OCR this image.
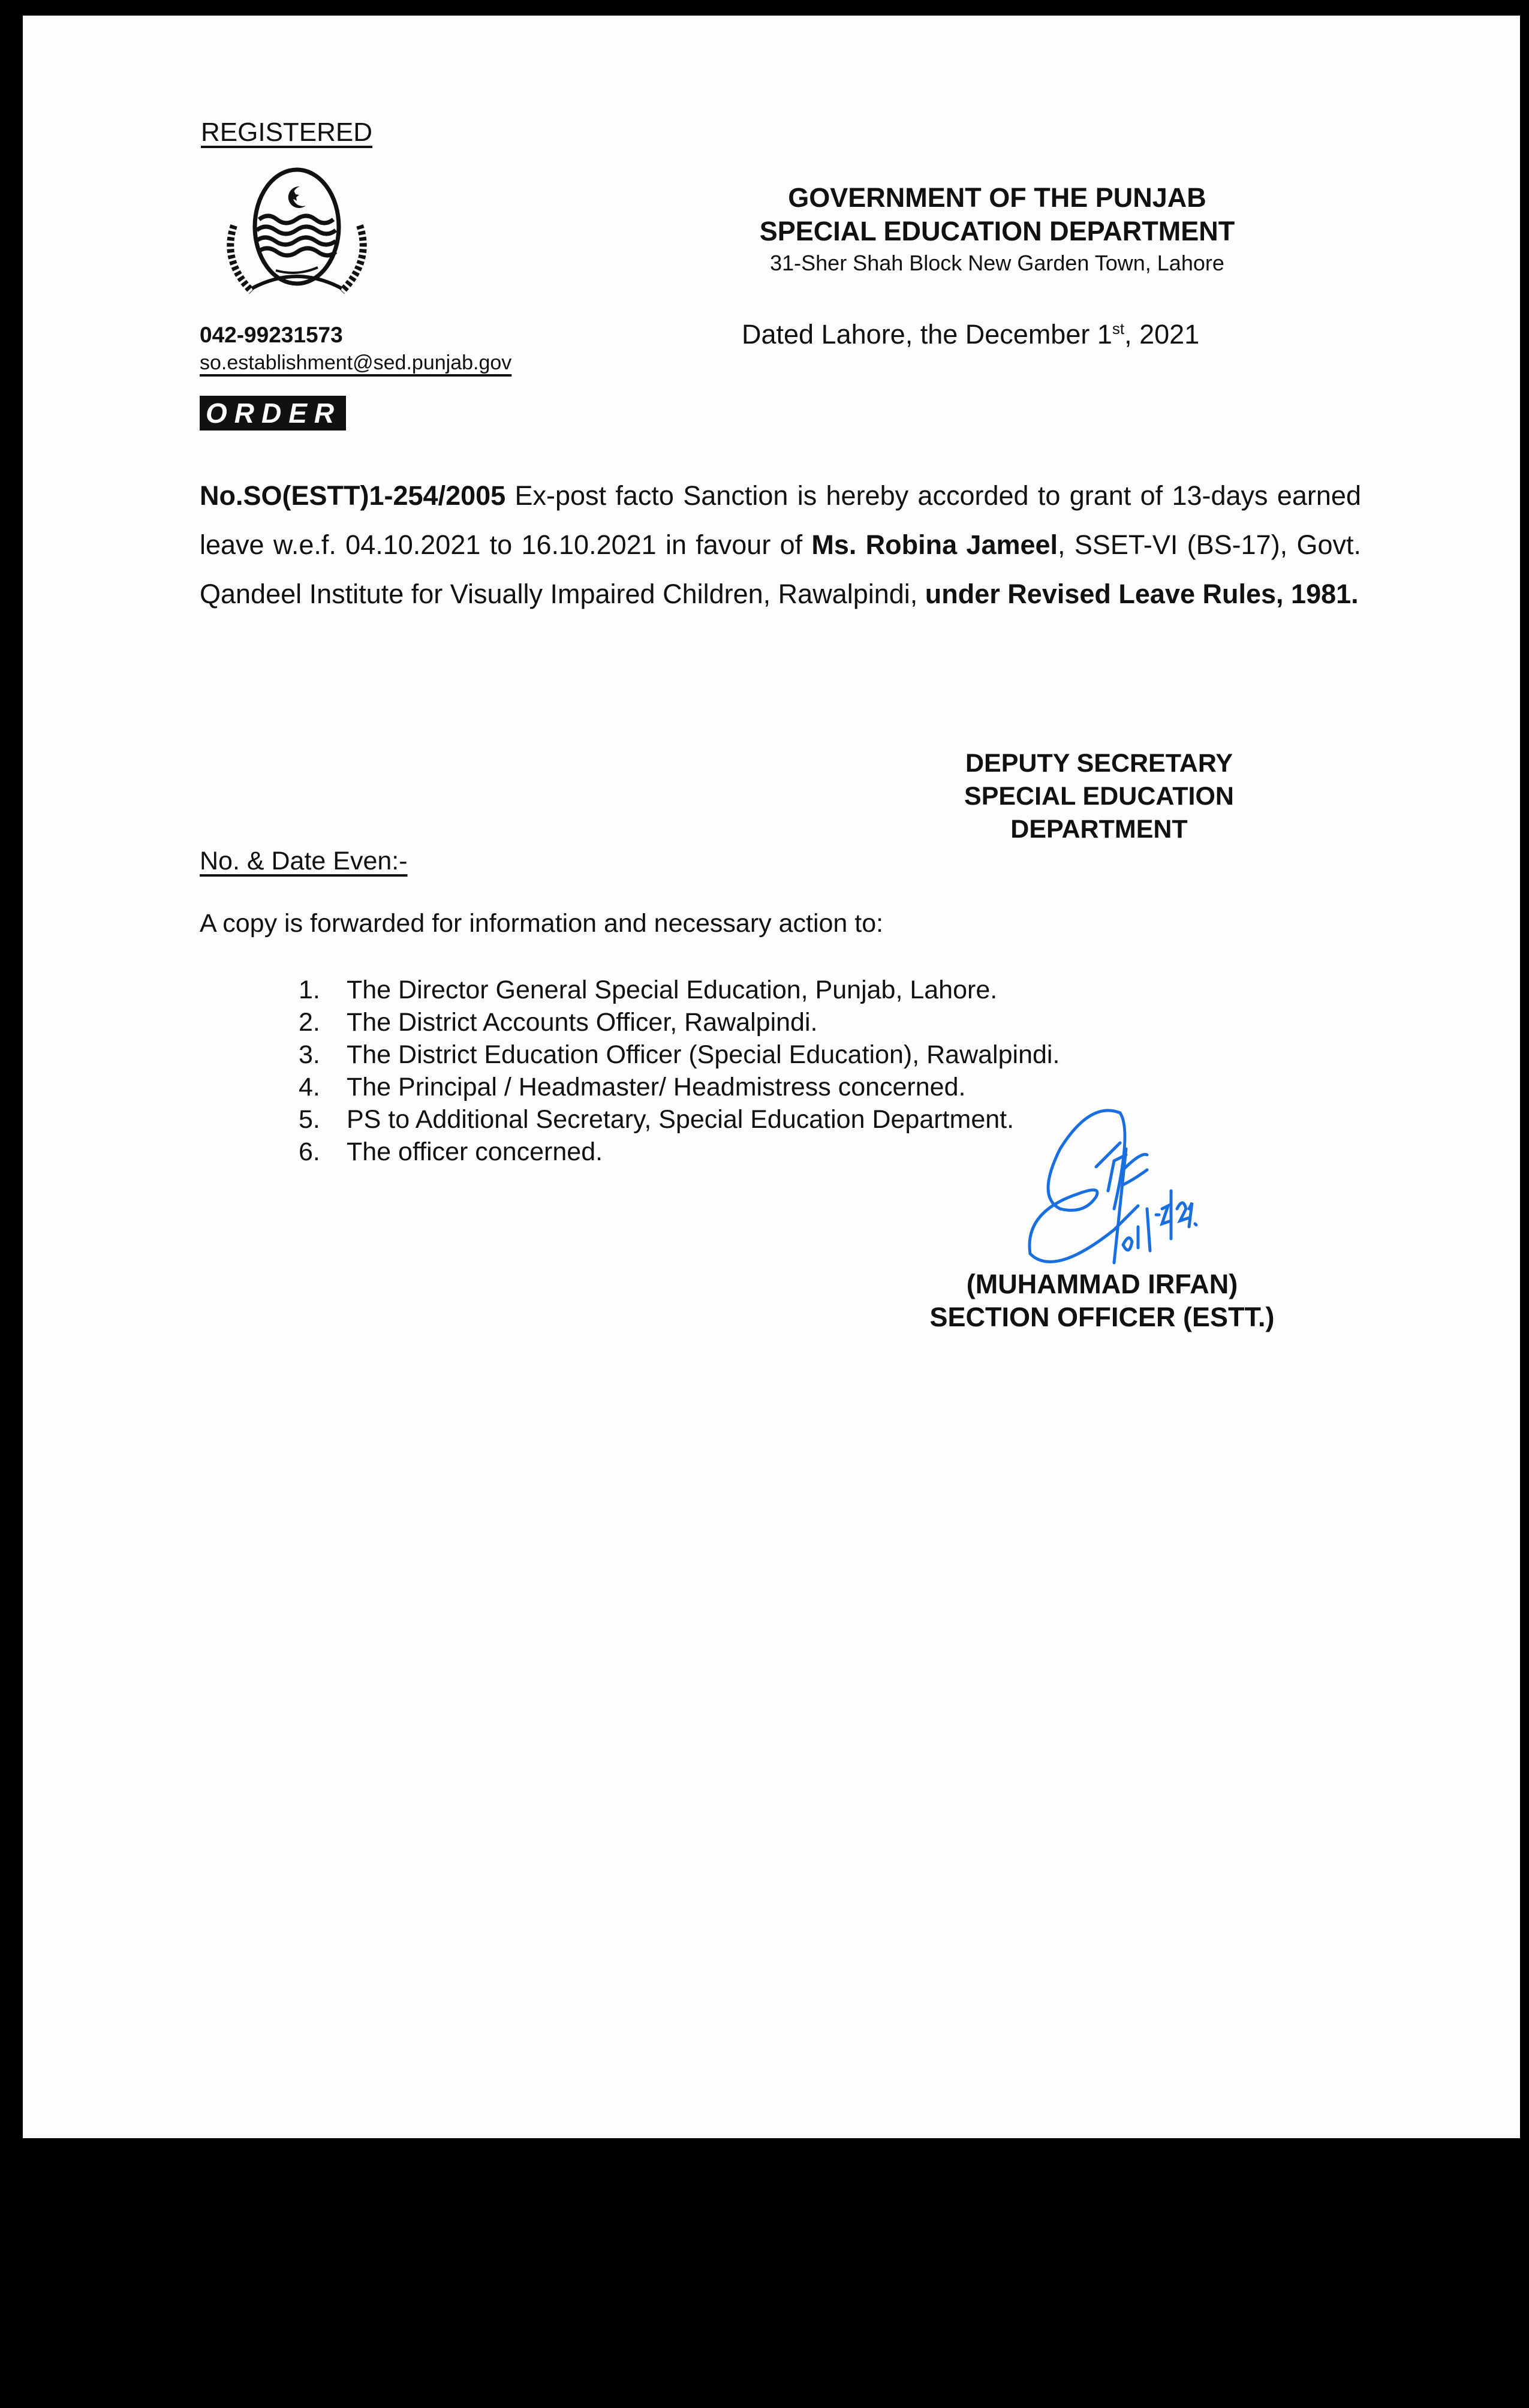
REGISTERED
GOVERNMENT OF THE PUNJAB
SPECIAL EDUCATION DEPARTMENT
31-Sher Shah Block New Garden Town, Lahore
042-99231573
so.establishment@sed.punjab.gov
Dated Lahore, the December 1st, 2021
ORDER
No.SO(ESTT)1-254/2005 Ex-post facto Sanction is hereby accorded to grant of 13-days earned leave w.e.f. 04.10.2021 to 16.10.2021 in favour of Ms. Robina Jameel, SSET-VI (BS-17), Govt. Qandeel Institute for Visually Impaired Children, Rawalpindi, under Revised Leave Rules, 1981.
DEPUTY SECRETARY
SPECIAL EDUCATION
DEPARTMENT
No. & Date Even:-
A copy is forwarded for information and necessary action to:
1.	The Director General Special Education, Punjab, Lahore.
2.	The District Accounts Officer, Rawalpindi.
3.	The District Education Officer (Special Education), Rawalpindi.
4.	The Principal / Headmaster/ Headmistress concerned.
5.	PS to Additional Secretary, Special Education Department.
6.	The officer concerned.
(MUHAMMAD IRFAN)
SECTION OFFICER (ESTT.)
